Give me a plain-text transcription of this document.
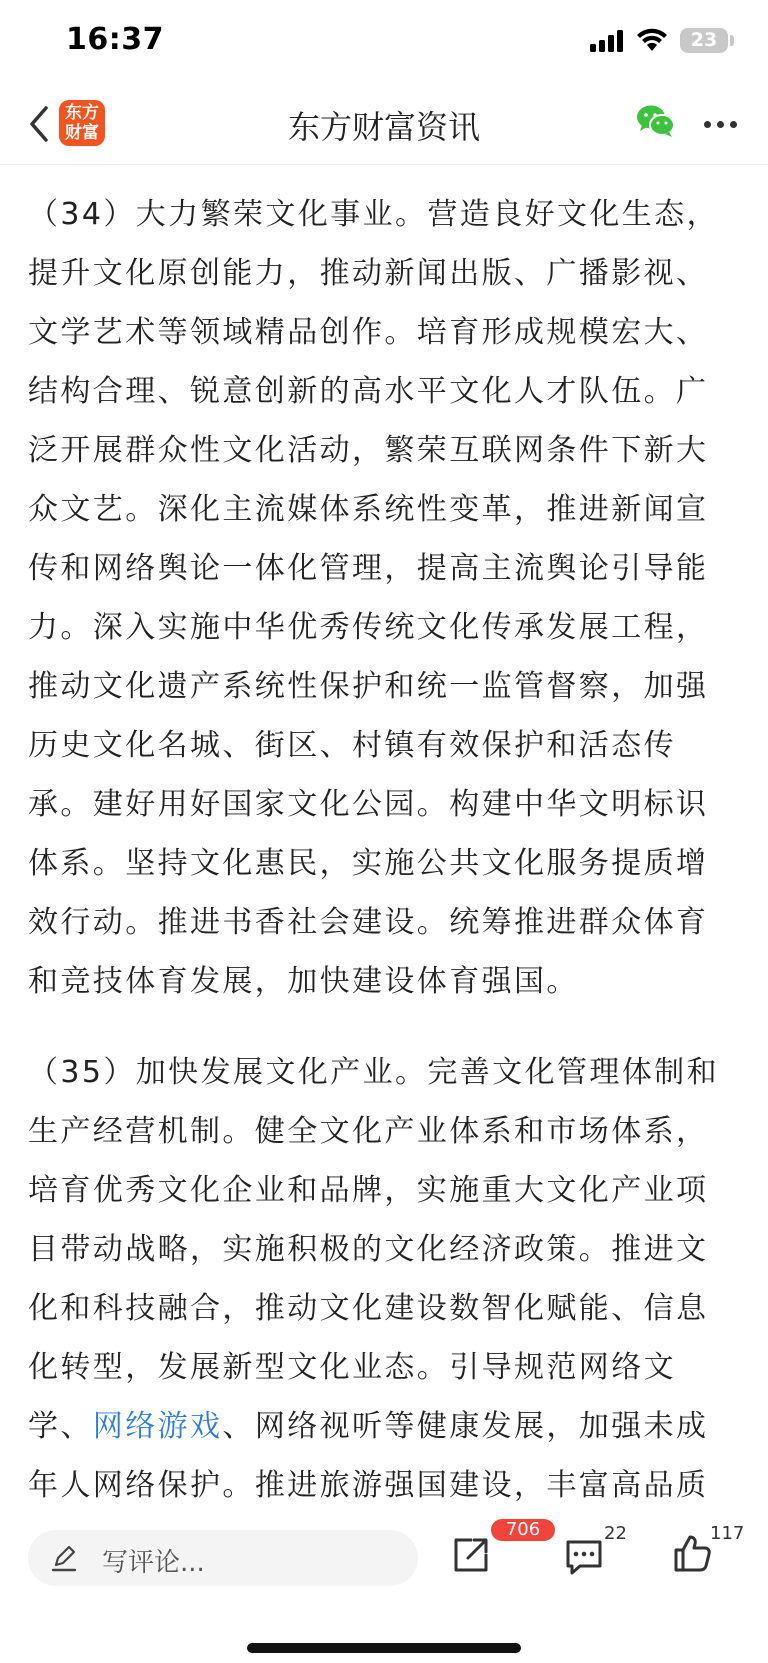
16:37	23
东方
财富	东方财富资讯

（34）大力繁荣文化事业。营造良好文化生态，提升文化原创能力，推动新闻出版、广播影视、文学艺术等领域精品创作。培育形成规模宏大、结构合理、锐意创新的高水平文化人才队伍。广泛开展群众性文化活动，繁荣互联网条件下新大众文艺。深化主流媒体系统性变革，推进新闻宣传和网络舆论一体化管理，提高主流舆论引导能力。深入实施中华优秀传统文化传承发展工程，推动文化遗产系统性保护和统一监管督察，加强历史文化名城、街区、村镇有效保护和活态传承。建好用好国家文化公园。构建中华文明标识体系。坚持文化惠民，实施公共文化服务提质增效行动。推进书香社会建设。统筹推进群众体育和竞技体育发展，加快建设体育强国。

（35）加快发展文化产业。完善文化管理体制和生产经营机制。健全文化产业体系和市场体系，培育优秀文化企业和品牌，实施重大文化产业项目带动战略，实施积极的文化经济政策。推进文化和科技融合，推动文化建设数智化赋能、信息化转型，发展新型文化业态。引导规范网络文学、网络游戏、网络视听等健康发展，加强未成年人网络保护。推进旅游强国建设，丰富高品质

写评论...
706	22	117
